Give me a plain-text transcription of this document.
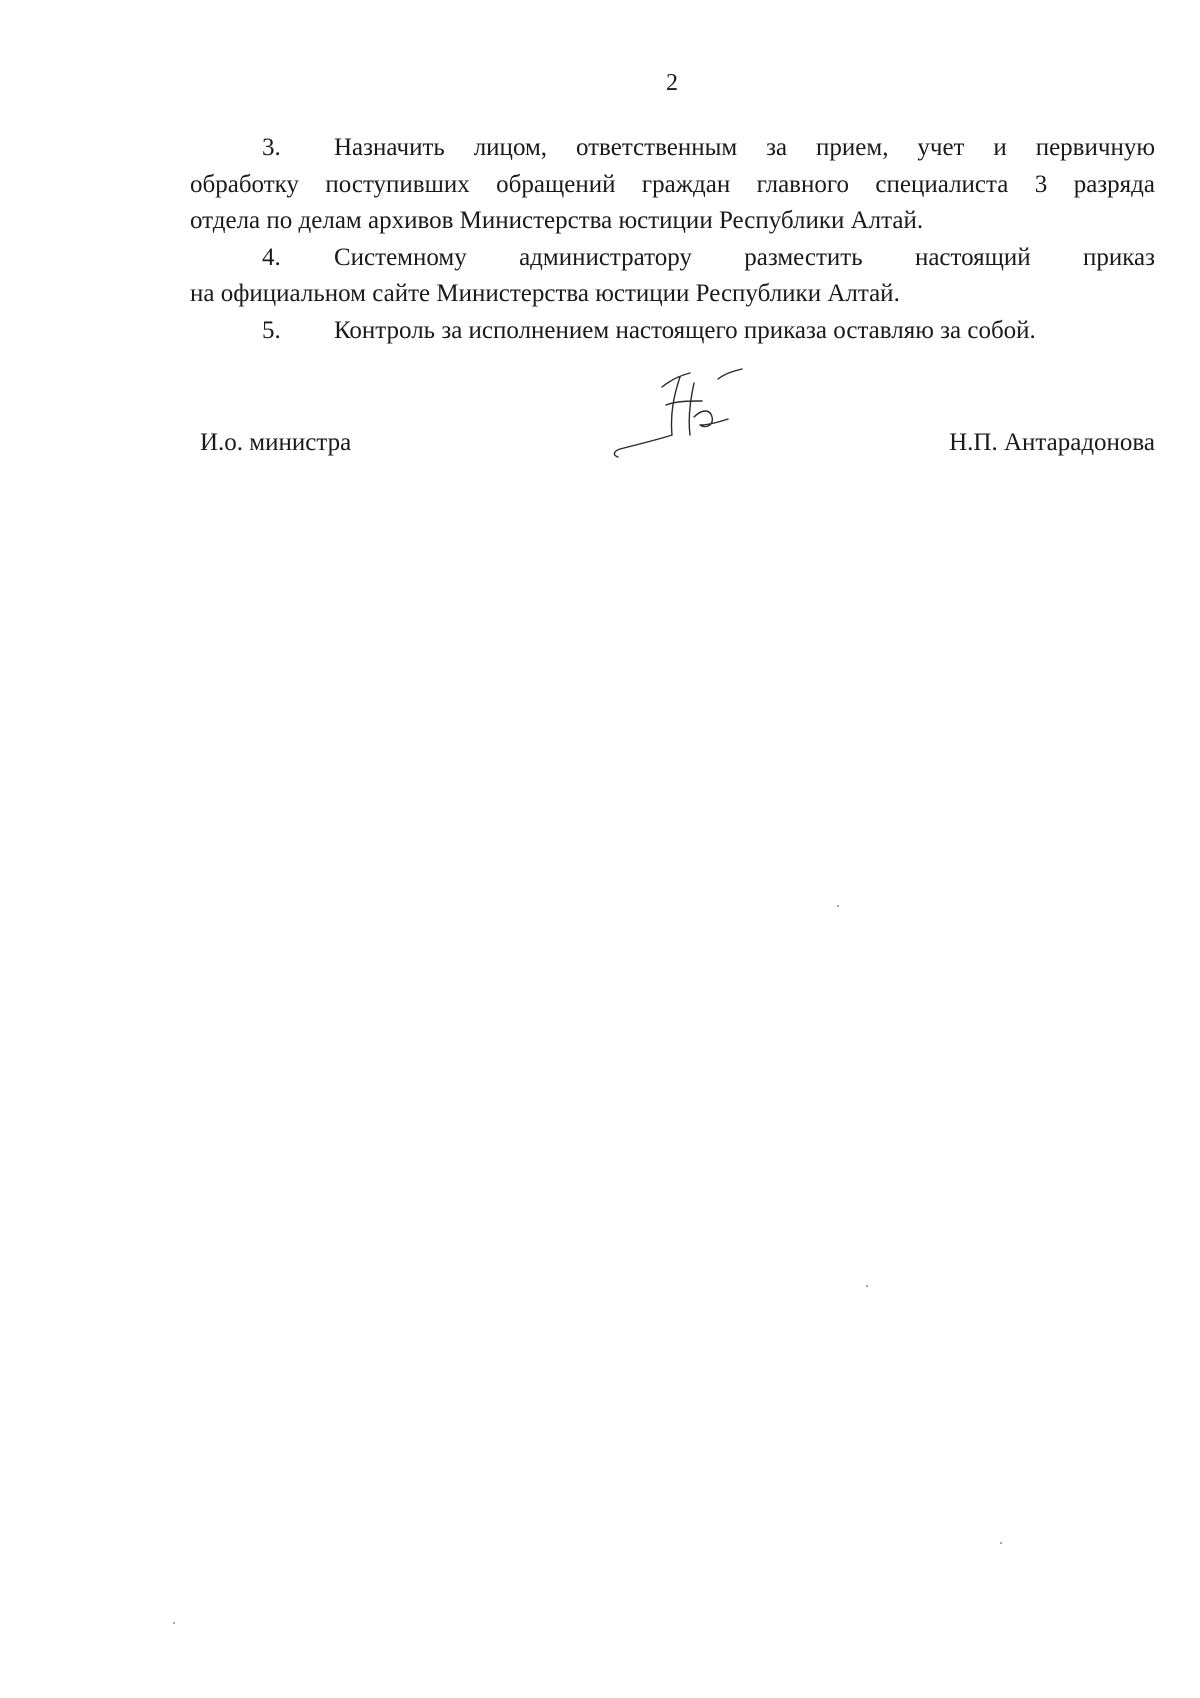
2

3. Назначить лицом, ответственным за прием, учет и первичную

обработку поступивших обращений граждан главного специалиста 3 разряда

отдела по делам архивов Министерства юстиции Республики Алтай.

4. Системному администратору разместить настоящий приказ

на официальном сайте Министерства юстиции Республики Алтай.

5. Контроль за исполнением настоящего приказа оставляю за собой.

И.о. министра	Н.П. Антарадонова
